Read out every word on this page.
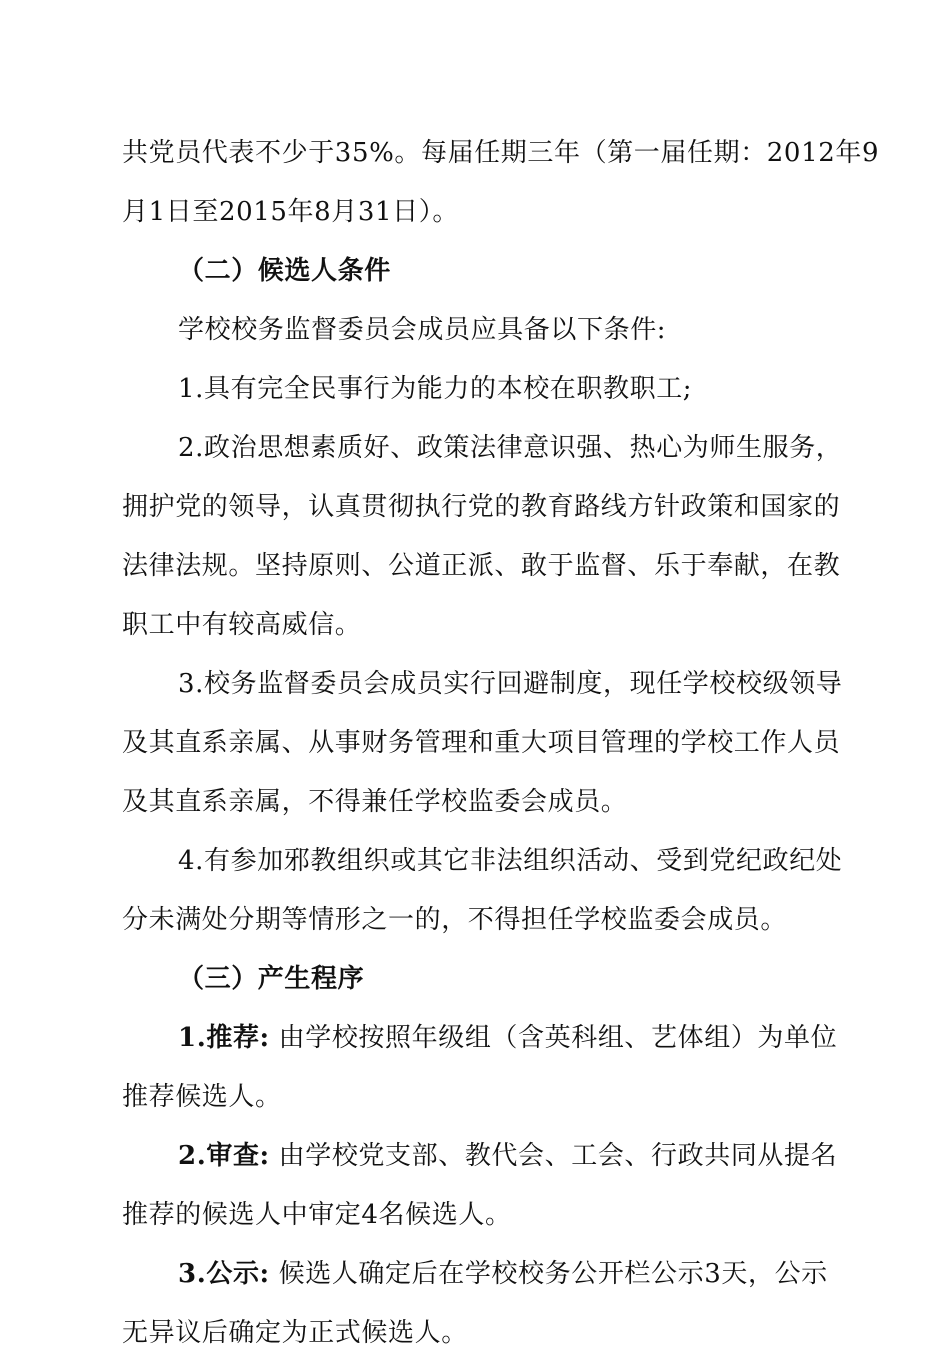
共党员代表不少于35%。每届任期三年（第一届任期：2012年9

月1日至2015年8月31日）。

（二）候选人条件

学校校务监督委员会成员应具备以下条件:

1.具有完全民事行为能力的本校在职教职工;

2.政治思想素质好、政策法律意识强、热心为师生服务，

拥护党的领导，认真贯彻执行党的教育路线方针政策和国家的

法律法规。坚持原则、公道正派、敢于监督、乐于奉献，在教

职工中有较高威信。

3.校务监督委员会成员实行回避制度，现任学校校级领导

及其直系亲属、从事财务管理和重大项目管理的学校工作人员

及其直系亲属，不得兼任学校监委会成员。

4.有参加邪教组织或其它非法组织活动、受到党纪政纪处

分未满处分期等情形之一的，不得担任学校监委会成员。

（三）产生程序

1.推荐: 由学校按照年级组（含英科组、艺体组）为单位

推荐候选人。

2.审查: 由学校党支部、教代会、工会、行政共同从提名

推荐的候选人中审定4名候选人。

3.公示: 候选人确定后在学校校务公开栏公示3天，公示

无异议后确定为正式候选人。
